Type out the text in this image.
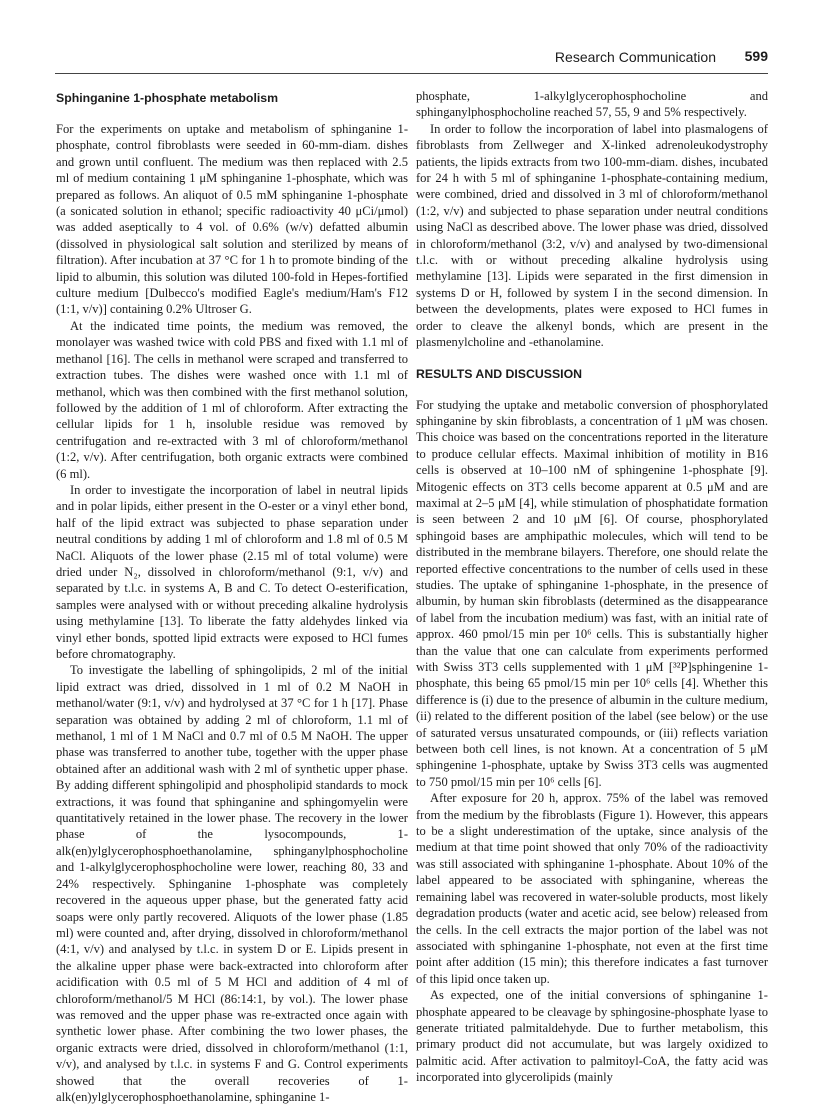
Research Communication 599
Sphinganine 1-phosphate metabolism

For the experiments on uptake and metabolism of sphinganine 1-phosphate, control fibroblasts were seeded in 60-mm-diam. dishes and grown until confluent. The medium was then replaced with 2.5 ml of medium containing 1 μM sphinganine 1-phosphate, which was prepared as follows. An aliquot of 0.5 mM sphinganine 1-phosphate (a sonicated solution in ethanol; specific radioactivity 40 μCi/μmol) was added aseptically to 4 vol. of 0.6% (w/v) defatted albumin (dissolved in physiological salt solution and sterilized by means of filtration). After incubation at 37 °C for 1 h to promote binding of the lipid to albumin, this solution was diluted 100-fold in Hepes-fortified culture medium [Dulbecco's modified Eagle's medium/Ham's F12 (1:1, v/v)] containing 0.2% Ultroser G.

At the indicated time points, the medium was removed, the monolayer was washed twice with cold PBS and fixed with 1.1 ml of methanol [16]. The cells in methanol were scraped and transferred to extraction tubes. The dishes were washed once with 1.1 ml of methanol, which was then combined with the first methanol solution, followed by the addition of 1 ml of chloroform. After extracting the cellular lipids for 1 h, insoluble residue was removed by centrifugation and re-extracted with 3 ml of chloroform/methanol (1:2, v/v). After centrifugation, both organic extracts were combined (6 ml).

In order to investigate the incorporation of label in neutral lipids and in polar lipids, either present in the O-ester or a vinyl ether bond, half of the lipid extract was subjected to phase separation under neutral conditions by adding 1 ml of chloroform and 1.8 ml of 0.5 M NaCl. Aliquots of the lower phase (2.15 ml of total volume) were dried under N₂, dissolved in chloroform/methanol (9:1, v/v) and separated by t.l.c. in systems A, B and C. To detect O-esterification, samples were analysed with or without preceding alkaline hydrolysis using methylamine [13]. To liberate the fatty aldehydes linked via vinyl ether bonds, spotted lipid extracts were exposed to HCl fumes before chromatography.

To investigate the labelling of sphingolipids, 2 ml of the initial lipid extract was dried, dissolved in 1 ml of 0.2 M NaOH in methanol/water (9:1, v/v) and hydrolysed at 37 °C for 1 h [17]. Phase separation was obtained by adding 2 ml of chloroform, 1.1 ml of methanol, 1 ml of 1 M NaCl and 0.7 ml of 0.5 M NaOH. The upper phase was transferred to another tube, together with the upper phase obtained after an additional wash with 2 ml of synthetic upper phase. By adding different sphingolipid and phospholipid standards to mock extractions, it was found that sphinganine and sphingomyelin were quantitatively retained in the lower phase. The recovery in the lower phase of the lysocompounds, 1-alk(en)ylglycerophosphoethanolamine, sphinganylphosphocholine and 1-alkylglycerophosphocholine were lower, reaching 80, 33 and 24% respectively. Sphinganine 1-phosphate was completely recovered in the aqueous upper phase, but the generated fatty acid soaps were only partly recovered. Aliquots of the lower phase (1.85 ml) were counted and, after drying, dissolved in chloroform/methanol (4:1, v/v) and analysed by t.l.c. in system D or E. Lipids present in the alkaline upper phase were back-extracted into chloroform after acidification with 0.5 ml of 5 M HCl and addition of 4 ml of chloroform/methanol/5 M HCl (86:14:1, by vol.). The lower phase was removed and the upper phase was re-extracted once again with synthetic lower phase. After combining the two lower phases, the organic extracts were dried, dissolved in chloroform/methanol (1:1, v/v), and analysed by t.l.c. in systems F and G. Control experiments showed that the overall recoveries of 1-alk(en)ylglycerophosphoethanolamine, sphinganine 1-

phosphate, 1-alkylglycerophosphocholine and sphinganylphosphocholine reached 57, 55, 9 and 5% respectively.

In order to follow the incorporation of label into plasmalogens of fibroblasts from Zellweger and X-linked adrenoleukodystrophy patients, the lipids extracts from two 100-mm-diam. dishes, incubated for 24 h with 5 ml of sphinganine 1-phosphate-containing medium, were combined, dried and dissolved in 3 ml of chloroform/methanol (1:2, v/v) and subjected to phase separation under neutral conditions using NaCl as described above. The lower phase was dried, dissolved in chloroform/methanol (3:2, v/v) and analysed by two-dimensional t.l.c. with or without preceding alkaline hydrolysis using methylamine [13]. Lipids were separated in the first dimension in systems D or H, followed by system I in the second dimension. In between the developments, plates were exposed to HCl fumes in order to cleave the alkenyl bonds, which are present in the plasmenylcholine and -ethanolamine.

RESULTS AND DISCUSSION

For studying the uptake and metabolic conversion of phosphorylated sphinganine by skin fibroblasts, a concentration of 1 μM was chosen. This choice was based on the concentrations reported in the literature to produce cellular effects. Maximal inhibition of motility in B16 cells is observed at 10–100 nM of sphingenine 1-phosphate [9]. Mitogenic effects on 3T3 cells become apparent at 0.5 μM and are maximal at 2–5 μM [4], while stimulation of phosphatidate formation is seen between 2 and 10 μM [6]. Of course, phosphorylated sphingoid bases are amphipathic molecules, which will tend to be distributed in the membrane bilayers. Therefore, one should relate the reported effective concentrations to the number of cells used in these studies. The uptake of sphinganine 1-phosphate, in the presence of albumin, by human skin fibroblasts (determined as the disappearance of label from the incubation medium) was fast, with an initial rate of approx. 460 pmol/15 min per 10⁶ cells. This is substantially higher than the value that one can calculate from experiments performed with Swiss 3T3 cells supplemented with 1 μM [³²P]sphingenine 1-phosphate, this being 65 pmol/15 min per 10⁶ cells [4]. Whether this difference is (i) due to the presence of albumin in the culture medium, (ii) related to the different position of the label (see below) or the use of saturated versus unsaturated compounds, or (iii) reflects variation between both cell lines, is not known. At a concentration of 5 μM sphingenine 1-phosphate, uptake by Swiss 3T3 cells was augmented to 750 pmol/15 min per 10⁶ cells [6].

After exposure for 20 h, approx. 75% of the label was removed from the medium by the fibroblasts (Figure 1). However, this appears to be a slight underestimation of the uptake, since analysis of the medium at that time point showed that only 70% of the radioactivity was still associated with sphinganine 1-phosphate. About 10% of the label appeared to be associated with sphinganine, whereas the remaining label was recovered in water-soluble products, most likely degradation products (water and acetic acid, see below) released from the cells. In the cell extracts the major portion of the label was not associated with sphinganine 1-phosphate, not even at the first time point after addition (15 min); this therefore indicates a fast turnover of this lipid once taken up.

As expected, one of the initial conversions of sphinganine 1-phosphate appeared to be cleavage by sphingosine-phosphate lyase to generate tritiated palmitaldehyde. Due to further metabolism, this primary product did not accumulate, but was largely oxidized to palmitic acid. After activation to palmitoyl-CoA, the fatty acid was incorporated into glycerolipids (mainly
